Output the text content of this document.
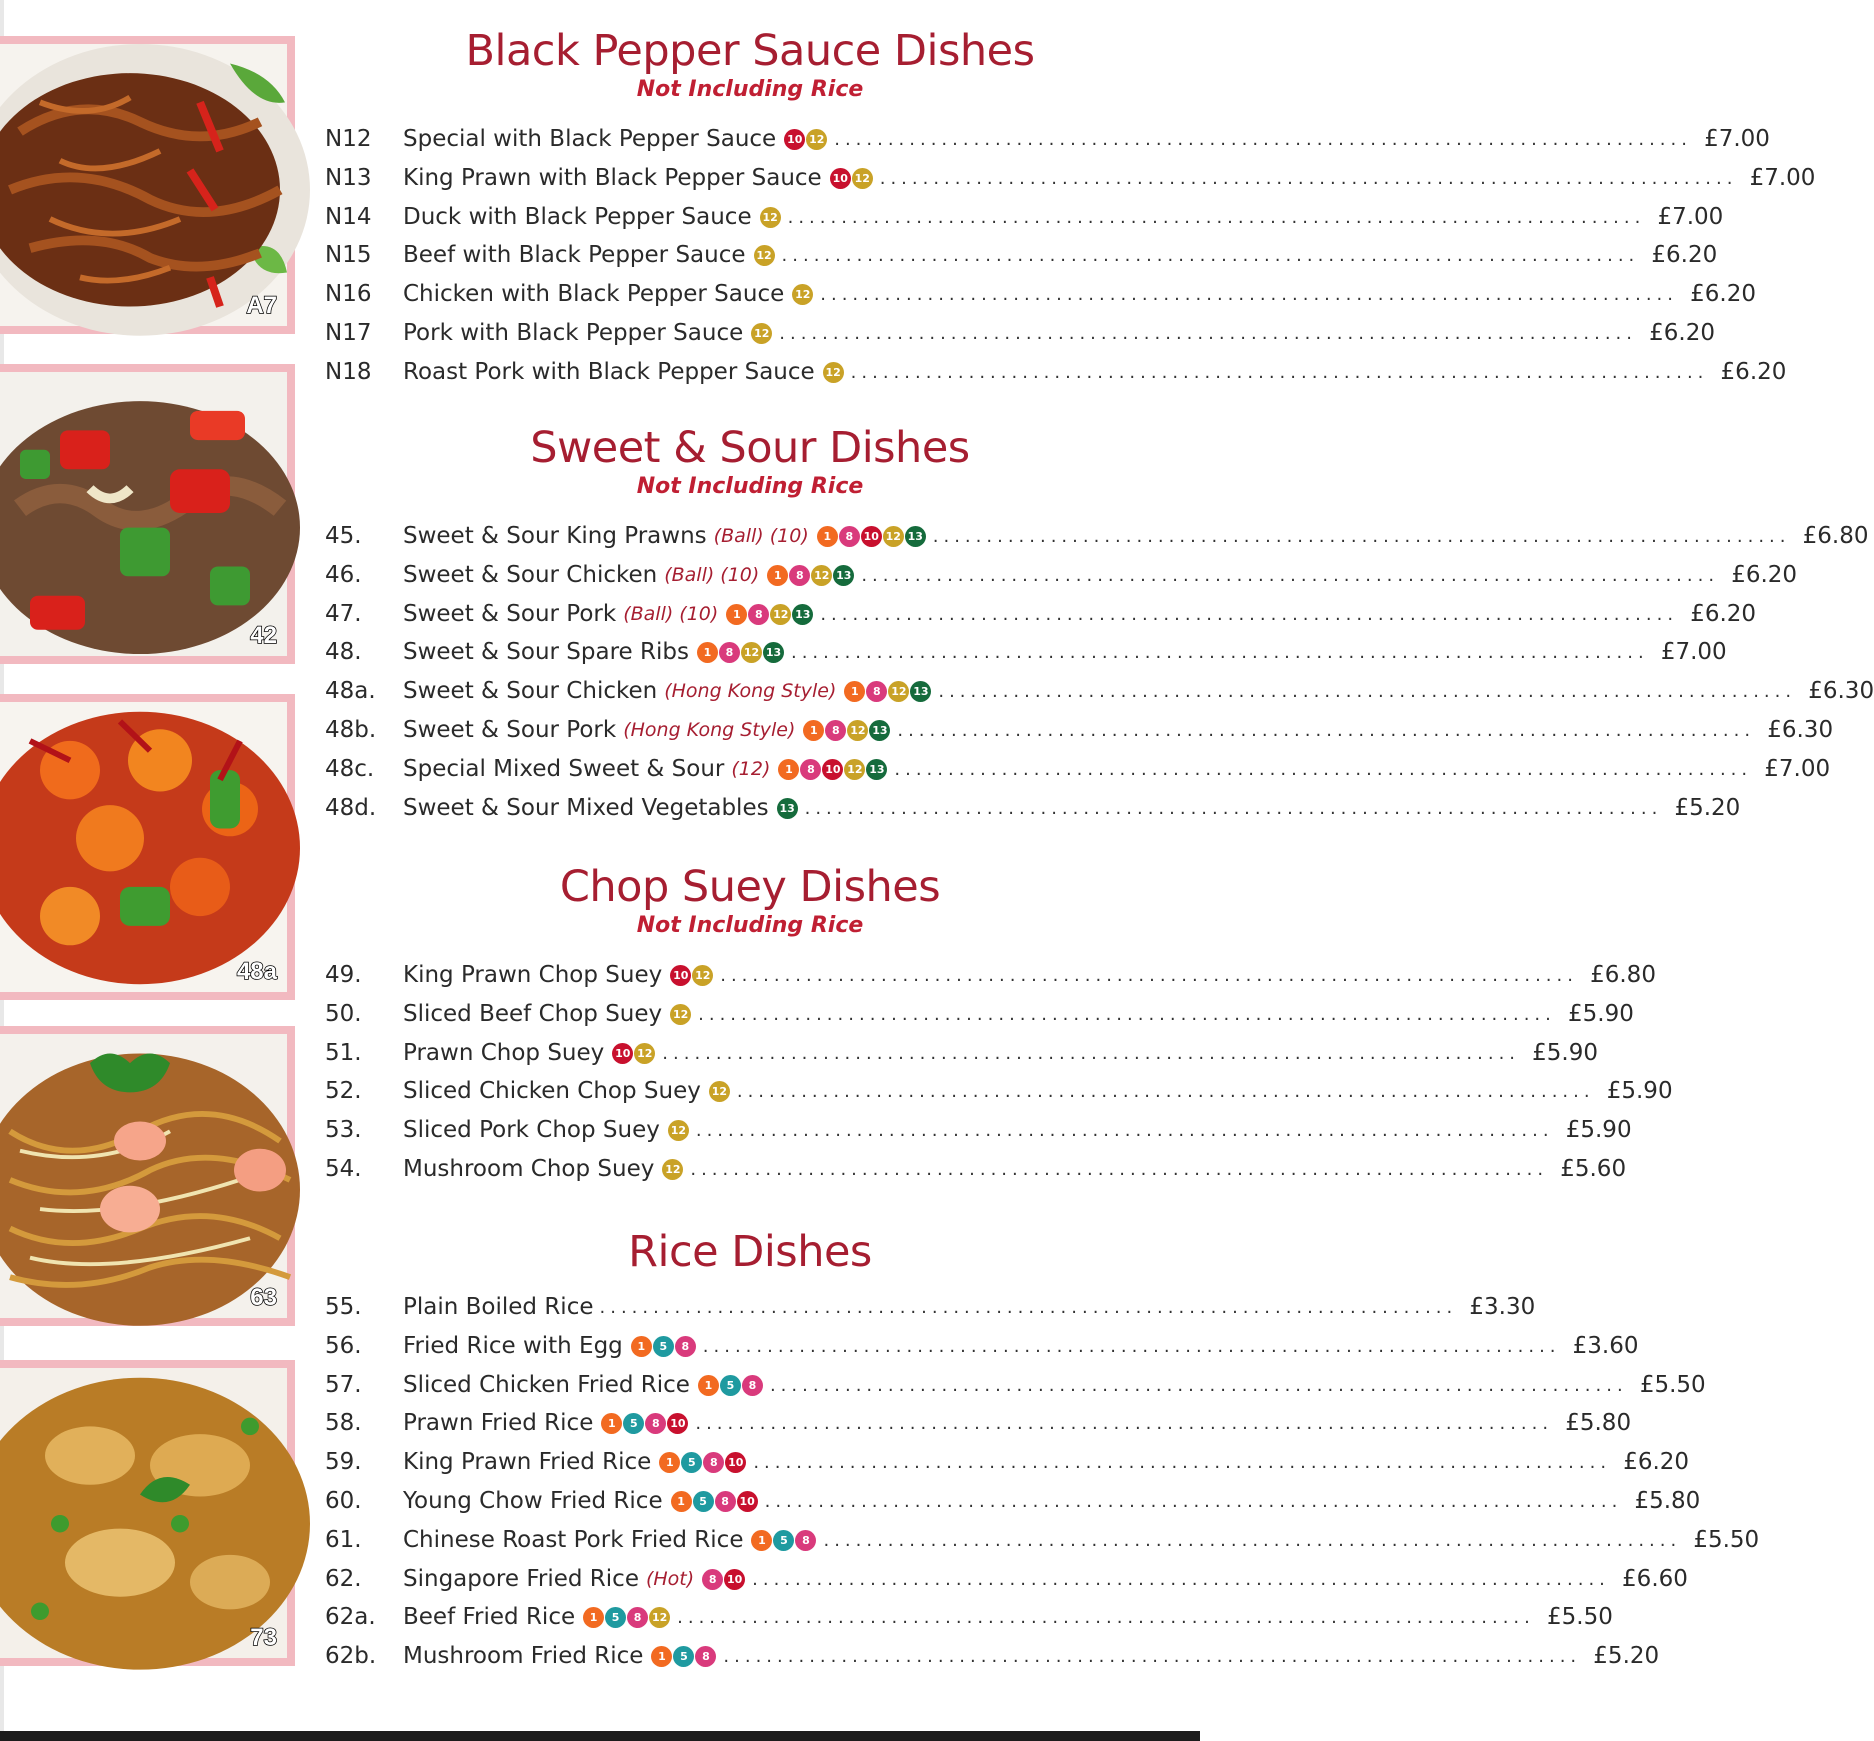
A7
42
48a
63
73
Black Pepper Sauce Dishes
Not Including Rice
N12	Special with Black Pepper Sauce 10 12 ................................................................................ £7.00
N13	King Prawn with Black Pepper Sauce 10 12 ................................................................................ £7.00
N14	Duck with Black Pepper Sauce 12 ................................................................................ £7.00
N15	Beef with Black Pepper Sauce 12 ................................................................................ £6.20
N16	Chicken with Black Pepper Sauce 12 ................................................................................ £6.20
N17	Pork with Black Pepper Sauce 12 ................................................................................ £6.20
N18	Roast Pork with Black Pepper Sauce 12 ................................................................................ £6.20
Sweet & Sour Dishes
Not Including Rice
45.	Sweet & Sour King Prawns (Ball) (10)	1	8 10 12 13 ................................................................................ £6.80
46.	Sweet & Sour Chicken (Ball) (10)	1	8 12 13 ................................................................................ £6.20
47.	Sweet & Sour Pork (Ball) (10)	1	8 12 13 ................................................................................ £6.20
48.	Sweet & Sour Spare Ribs	1	8 12 13 ................................................................................ £7.00
48a.	Sweet & Sour Chicken (Hong Kong Style)	1	8 12 13 ................................................................................ £6.30
48b.	Sweet & Sour Pork (Hong Kong Style)	1	8 12 13 ................................................................................ £6.30
48c.	Special Mixed Sweet & Sour (12)	1	8 10 12 13 ................................................................................ £7.00
48d.	Sweet & Sour Mixed Vegetables 13 ................................................................................ £5.20
Chop Suey Dishes
Not Including Rice
49.	King Prawn Chop Suey 10 12 ................................................................................ £6.80
50.	Sliced Beef Chop Suey 12 ................................................................................ £5.90
51.	Prawn Chop Suey 10 12 ................................................................................ £5.90
52.	Sliced Chicken Chop Suey 12 ................................................................................ £5.90
53.	Sliced Pork Chop Suey 12 ................................................................................ £5.90
54.	Mushroom Chop Suey 12 ................................................................................ £5.60
Rice Dishes
55.	Plain Boiled Rice ................................................................................ £3.30
56.	Fried Rice with Egg	1	5	8 ................................................................................ £3.60
57.	Sliced Chicken Fried Rice	1	5	8 ................................................................................ £5.50
58.	Prawn Fried Rice	1	5	8 10 ................................................................................ £5.80
59.	King Prawn Fried Rice	1	5	8 10 ................................................................................ £6.20
60.	Young Chow Fried Rice	1	5	8 10 ................................................................................ £5.80
61.	Chinese Roast Pork Fried Rice	1	5	8 ................................................................................ £5.50
62.	Singapore Fried Rice (Hot)	8 10 ................................................................................ £6.60
62a.	Beef Fried Rice	1	5	8 12 ................................................................................ £5.50
62b.	Mushroom Fried Rice	1	5	8 ................................................................................ £5.20
